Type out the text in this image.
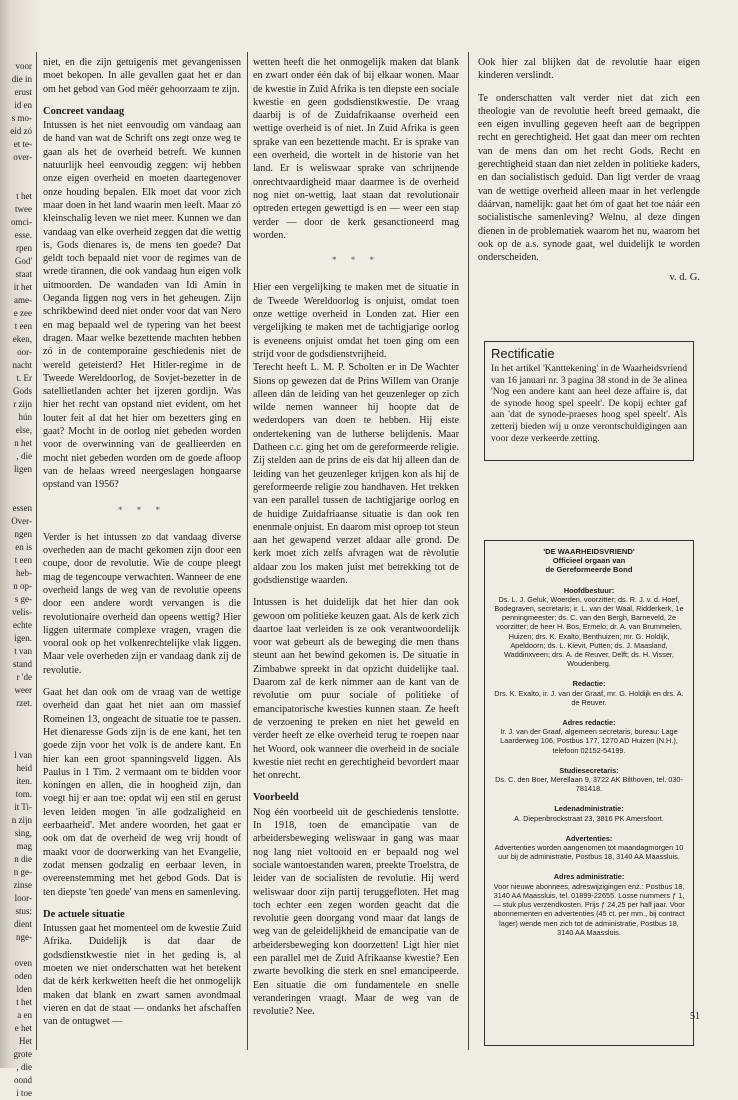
voor
die in
erust
id en
s mo-
eid zó
et te-
over-

t het
twee
omci-
esse.
rpen
God'
staat
it het
ame-
e zee
t een
eken,
oor-
nacht
t. Er
Gods
r zijn
hún
else,
n het
, die
ligen

essen
Over-
ngen
en is
t een
heb-
n op-
s ge-
velis-
echte
igen.
t van
stand
r 'de
weer
rzet.

l van
heid
iten.
tom.
it Ti-
n zijn
sing,
mag
n die
n ge-
zinse
loor-
stus:
dient
nge-

oven
oden
lden
t het
a en
e het
Het
grote
, die
oond
i toe

niet, en die zijn getuigenis met gevangenissen moet bekopen. In alle gevallen gaat het er dan om het gebod van God méér gehoorzaam te zijn.

Concreet vandaag

Intussen is het niet eenvoudig om vandaag aan de hand van wat de Schrift ons zegt onze weg te gaan als het de overheid betreft. We kunnen natuurlijk heel eenvoudig zeggen: wij hebben onze eigen overheid en moeten daartegenover onze houding bepalen. Elk moet dat voor zich maar doen in het land waarin men leeft. Maar zó kleinschalig leven we niet meer. Kunnen we dan vandaag van elke overheid zeggen dat die wettig is, Gods dienares is, de mens ten goede? Dat geldt toch bepaald niet voor de regimes van de wrede tirannen, die ook vandaag hun eigen volk uitmoorden. De wandaden van Idi Amin in Oeganda liggen nog vers in het geheugen. Zijn schrikbewind deed niet onder voor dat van Nero en mag bepaald wel de typering van het beest dragen. Maar welke bezettende machten hebben zó in de contemporaine geschiedenis niet de wereld geteisterd? Het Hitler-regime in de Tweede Wereldoorlog, de Sovjet-bezetter in de satellietlanden achter het ijzeren gordijn. Was hier het recht van opstand niet evident, om het louter feit al dat het hier om bezetters ging en gaat? Mocht in de oorlog niet gebeden worden voor de overwinning van de geallieerden en mocht niet gebeden worden om de goede afloop van de helaas wreed neergeslagen hongaarse opstand van 1956?

* * *

Verder is het intussen zo dat vandaag diverse overheden aan de macht gekomen zijn door een coupe, door de revolutie. Wie de coupe pleegt mag de tegencoupe verwachten. Wanneer de ene overheid langs de weg van de revolutie opeens door een andere wordt vervangen is die revolutionaire overheid dan opeens wettig? Hier liggen uitermate complexe vragen, vragen die vooral ook op het volkenrechtelijke vlak liggen. Maar vele overheden zijn er vandaag dank zij de revolutie.

Gaat het dan ook om de vraag van de wettige overheid dan gaat het niet aan om massief Romeinen 13, ongeacht de situatie toe te passen. Het dienaresse Gods zijn is de ene kant, het ten goede zijn voor het volk is de andere kant. En hier kan een groot spanningsveld liggen. Als Paulus in 1 Tim. 2 vermaant om te bidden voor koningen en allen, die in hoogheid zijn, dan voegt hij er aan toe: opdat wij een stil en gerust leven leiden mogen 'in alle godzaligheid en eerbaarheid'. Met andere woorden, het gaat er ook om dat de overheid de weg vrij houdt of maakt voor de doorwerking van het Evangelie, zodat mensen godzalig en eerbaar leven, in overeenstemming met het gebod Gods. Dat is ten diepste 'ten goede' van mens en samenleving.

De actuele situatie

Intussen gaat het momenteel om de kwestie Zuid Afrika. Duidelijk is dat daar de godsdienstkwestie niet in het geding is, al moeten we niet onderschatten wat het betekent dat de kérk kerkwetten heeft die het onmogelijk maken dat blank en zwart samen avondmaal vieren en dat de staat — ondanks het afschaffen van de ontugwet —

wetten heeft die het onmogelijk maken dat blank en zwart onder één dak of bij elkaar wonen. Maar de kwestie in Zuid Afrika is ten diepste een sociale kwestie en geen godsdienstkwestie. De vraag daarbij is of de Zuidafrikaanse overheid een wettige overheid is of niet. In Zuid Afrika is geen sprake van een bezettende macht. Er is sprake van een overheid, die wortelt in de historie van het land. Er is weliswaar sprake van schrijnende onrechtvaardigheid maar daarmee is de overheid nog niet on-wettig, laat staan dat revolutionair optreden ertegen gewettigd is en — weer een stap verder — door de kerk gesanctioneerd mag worden.

* * *

Hier een vergelijking te maken met de situatie in de Tweede Wereldoorlog is onjuist, omdat toen onze wettige overheid in Londen zat. Hier een vergelijking te maken met de tachtigjarige oorlog is eveneens onjuist omdat het toen ging om een strijd voor de godsdienstvrijheid.

Terecht heeft L. M. P. Scholten er in De Wachter Sions op gewezen dat de Prins Willem van Oranje alleen dán de leiding van het geuzenleger op zich wilde nemen wanneer hij hoopte dat de wederdopers van doen te hebben. Hij eiste ondertekening van de lutherse belijdenis. Maar Datheen c.c. ging het om de gereformeerde religie. Zij stelden aan de prins de eis dat hij alleen dan de leiding van het geuzenleger krijgen kon als hij de gereformeerde religie zou handhaven. Het trekken van een parallel tussen de tachtigjarige oorlog en de huidige Zuidafriaanse situatie is dan ook ten enenmale onjuist. En daarom mist oproep tot steun aan het gewapend verzet aldaar alle grond. De kerk moet zich zelfs afvragen wat de rèvolutie aldaar zou los maken juist met betrekking tot de godsdienstige waarden.

Intussen is het duidelijk dat het hier dan ook gewoon om politieke keuzen gaat. Als de kerk zich daartoe laat verleiden is ze ook verantwoordelijk voor wat gebeurt als de beweging die men thans steunt aan het bewind gekomen is. De situatie in Zimbabwe spreekt in dat opzicht duidelijke taal. Daarom zal de kerk nimmer aan de kant van de revolutie om puur sociale of politieke of emancipatorische kwesties kunnen staan. Ze heeft de verzoening te preken en niet het geweld en verder heeft ze elke overheid terug te roepen naar het Woord, ook wanneer die overheid in de sociale kwestie niet recht en gerechtigheid bevordert maar het onrecht.

Voorbeeld

Nog één voorbeeld uit de geschiedenis tenslotte. In 1918, toen de emancipatie van de arbeidersbeweging weliswaar in gang was maar nog lang niet voltooid en er bepaald nog wel sociale wantoestanden waren, preekte Troelstra, de leider van de socialisten de revolutie. Hij werd weliswaar door zijn partij teruggefloten. Het mag toch echter een zegen worden geacht dat die revolutie geen doorgang vond maar dat langs de weg van de geleidelijkheid de emancipatie van de arbeidersbeweging kon doorzetten! Ligt hier niet een parallel met de Zuid Afrikaanse kwestie? Een zwarte bevolking die sterk en snel emancipeerde. Een situatie die om fundamentele en snelle veranderingen vraagt. Maar de weg van de revolutie? Nee.

Ook hier zal blijken dat de revolutie haar eigen kinderen verslindt.

Te onderschatten valt verder niet dat zich een theologie van de revolutie heeft breed gemaakt, die een eigen invulling gegeven heeft aan de begrippen recht en gerechtigheid. Het gaat dan meer om rechten van de mens dan om het recht Gods. Recht en gerechtigheid staan dan niet zelden in politieke kaders, en dan socialistisch geduid. Dan ligt verder de vraag van de wettige overheid alleen maar in het verlengde dáárvan, namelijk: gaat het óm of gaat het toe náár een socialistische samenleving? Welnu, al deze dingen dienen in de problematiek waarom het nu, waarom het ook op de a.s. synode gaat, wel duidelijk te worden onderscheiden.

v. d. G.
Rectificatie

In het artikel 'Kanttekening' in de Waarheidsvriend van 16 januari nr. 3 pagina 38 stond in de 3e alinea 'Nog een andere kant aan heel deze affaire is, dat de synode hoog spel speelt'. De kopij echter gaf aan 'dat de synode-praeses hoog spel speelt'. Als zetterij bieden wij u onze verontschuldigingen aan voor deze verkeerde zetting.

'DE WAARHEIDSVRIEND'
Officieel orgaan van
de Gereformeerde Bond
Hoofdbestuur:
Ds. L. J. Geluk, Woerden, voorzitter; ds. R. J. v. d. Hoef, Bodegraven, secretaris; ir. L. van der Waal, Ridderkerk, 1e penningmeester; ds. C. van den Bergh, Barneveld, 2e voorzitter; de heer H. Bos, Ermelo; dr. A. van Brummelen, Huizen; drs. K. Exalto, Benthuizen; mr. G. Holdijk, Apeldoorn; ds. L. Kievit, Putten; ds. J. Maasland, Waddinxveen; drs. A. de Reuver, Delft; ds. H. Visser, Woudenberg.
Redactie:
Drs. K. Exalto, ir. J. van der Graaf, mr. G. Holdijk en drs. A. de Reuver.
Adres redactie:
Ir. J. van der Graaf, algemeen secretaris, bureau: Lage Laarderweg 106, Postbus 177, 1270 AD Huizen (N.H.), telefoon 02152-54199.
Studiesecretaris:
Ds. C. den Boer, Merellaan 9, 3722 AK Bilthoven, tel. 030-781418.
Ledenadministratie:
A. Diepenbrockstraat 23, 3816 PK Amersfoort.
Advertenties:
Advertenties worden aangenomen tot maandagmorgen 10 uur bij de administratie, Postbus 18, 3140 AA Maassluis.
Adres administratie:
Voor nieuwe abonnees, adreswijzigingen enz.: Postbus 18, 3140 AA Maassluis, tel. 01899-22655. Losse nummers ƒ 1,— stuk plus verzendkosten. Prijs ƒ 24,25 per half jaar. Voor abonnementen en advertenties (45 ct. per mm., bij contract lager) wende men zich tot de administratie, Postbus 18, 3140 AA Maassluis.
51
